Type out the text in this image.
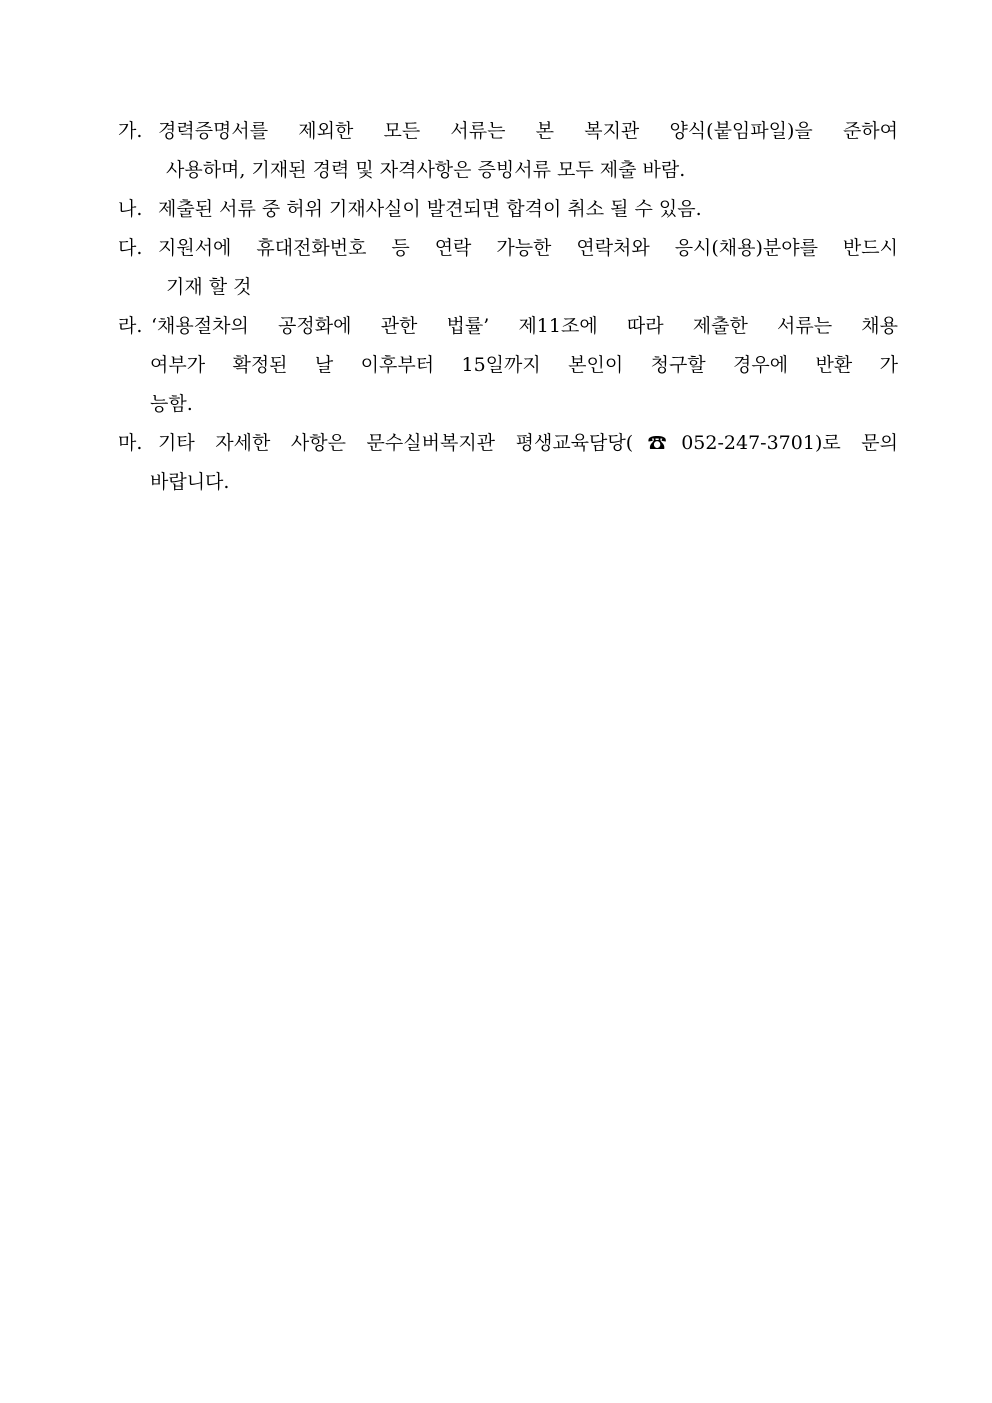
가. 경력증명서를 제외한 모든 서류는 본 복지관 양식(붙임파일)을 준하여
사용하며, 기재된 경력 및 자격사항은 증빙서류 모두 제출 바람.
나. 제출된 서류 중 허위 기재사실이 발견되면 합격이 취소 될 수 있음.
다. 지원서에 휴대전화번호 등 연락 가능한 연락처와 응시(채용)분야를 반드시
기재 할 것
라. ‘채용절차의 공정화에 관한 법률’ 제11조에 따라 제출한 서류는 채용
여부가 확정된 날 이후부터 15일까지 본인이 청구할 경우에 반환 가
능함.
마. 기타 자세한 사항은 문수실버복지관 평생교육담당(☎052-247-3701)로 문의
바랍니다.
